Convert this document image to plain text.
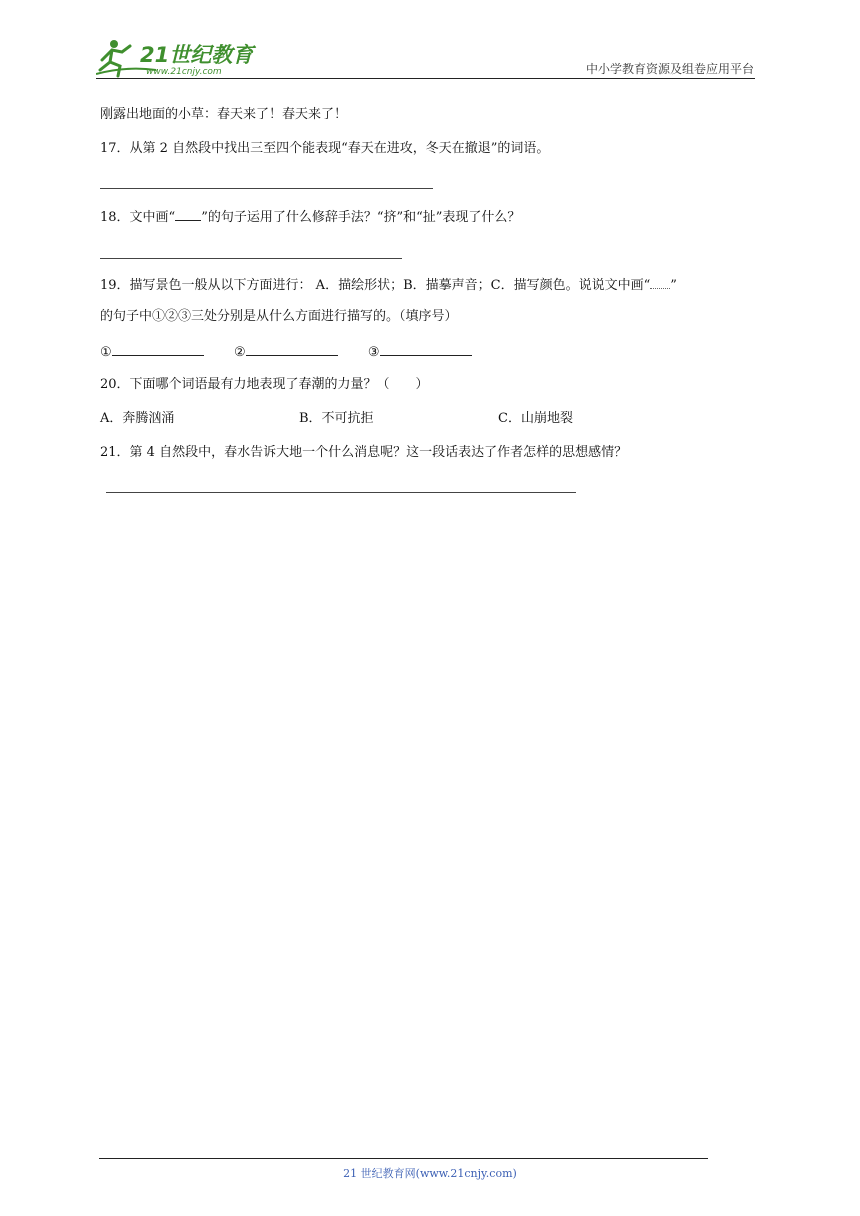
21世纪教育
www.21cnjy.com	中小学教育资源及组卷应用平台
刚露出地面的小草：春天来了！春天来了！
17．从第 2 自然段中找出三至四个能表现“春天在进攻，冬天在撤退”的词语。
18．文中画“ ”的句子运用了什么修辞手法？“挤”和“扯”表现了什么？
19．描写景色一般从以下方面进行： A．描绘形状；B．描摹声音；C．描写颜色。说说文中画“ ”
的句子中①②③三处分别是从什么方面进行描写的。（填序号）
①	②	③
20．下面哪个词语最有力地表现了春潮的力量？（　　）
A．奔腾汹涌	B．不可抗拒	C．山崩地裂
21．第 4 自然段中，春水告诉大地一个什么消息呢？这一段话表达了作者怎样的思想感情？
21 世纪教育网(www.21cnjy.com)
